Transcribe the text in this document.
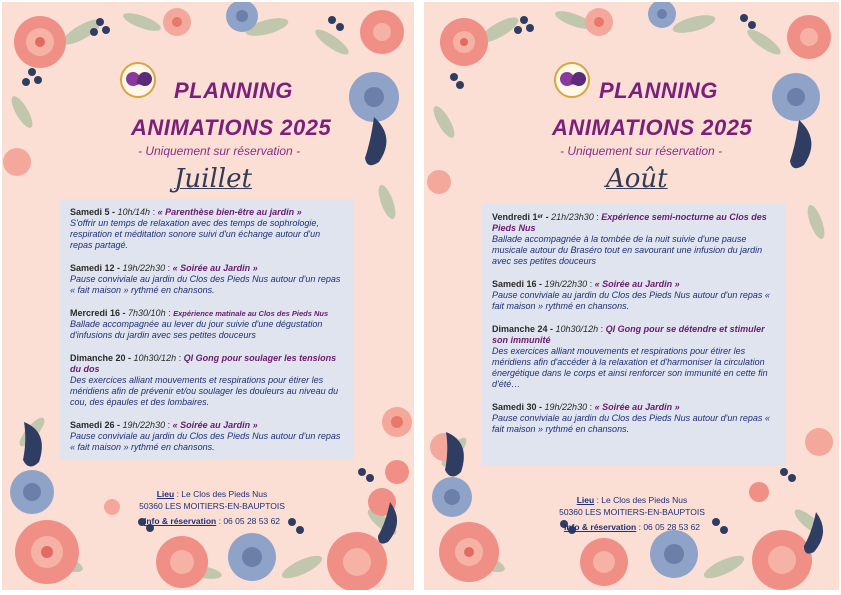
PLANNING
ANIMATIONS 2025
- Uniquement sur réservation -
Juillet
Samedi 5 - 10h/14h : « Parenthèse bien-être au jardin »
S'offrir un temps de relaxation avec des temps de sophrologie, respiration et méditation sonore suivi d'un échange autour d'un repas partagé.
Samedi 12 - 19h/22h30 : « Soirée au Jardin »
Pause conviviale au jardin du Clos des Pieds Nus autour d'un repas « fait maison » rythmé en chansons.
Mercredi 16 - 7h30/10h : Expérience matinale au Clos des Pieds Nus
Ballade accompagnée au lever du jour suivie d'une dégustation d'infusions du jardin avec ses petites douceurs
Dimanche 20 - 10h30/12h : QI Gong pour soulager les tensions du dos
Des exercices alliant mouvements et respirations pour étirer les méridiens afin de prévenir et/ou soulager les douleurs au niveau du cou, des épaules et des lombaires.
Samedi 26 - 19h/22h30 : « Soirée au Jardin »
Pause conviviale au jardin du Clos des Pieds Nus autour d'un repas « fait maison » rythmé en chansons.
Lieu : Le Clos des Pieds Nus
50360 LES MOITIERS-EN-BAUPTOIS
Info & réservation : 06 05 28 53 62
PLANNING
ANIMATIONS 2025
- Uniquement sur réservation -
Août
Vendredi 1ᵉʳ - 21h/23h30 : Expérience semi-nocturne au Clos des Pieds Nus
Ballade accompagnée à la tombée de la nuit suivie d'une pause musicale autour du Braséro tout en savourant une infusion du jardin avec ses petites douceurs
Samedi 16 - 19h/22h30 : « Soirée au Jardin »
Pause conviviale au jardin du Clos des Pieds Nus autour d'un repas « fait maison » rythmé en chansons.
Dimanche 24 - 10h30/12h : QI Gong pour se détendre et stimuler son immunité
Des exercices alliant mouvements et respirations pour étirer les méridiens afin d'accéder à la relaxation et d'harmoniser la circulation énergétique dans le corps et ainsi renforcer son immunité en cette fin d'été…
Samedi 30 - 19h/22h30 : « Soirée au Jardin »
Pause conviviale au jardin du Clos des Pieds Nus autour d'un repas « fait maison » rythmé en chansons.
Lieu : Le Clos des Pieds Nus
50360 LES MOITIERS-EN-BAUPTOIS
Info & réservation : 06 05 28 53 62
